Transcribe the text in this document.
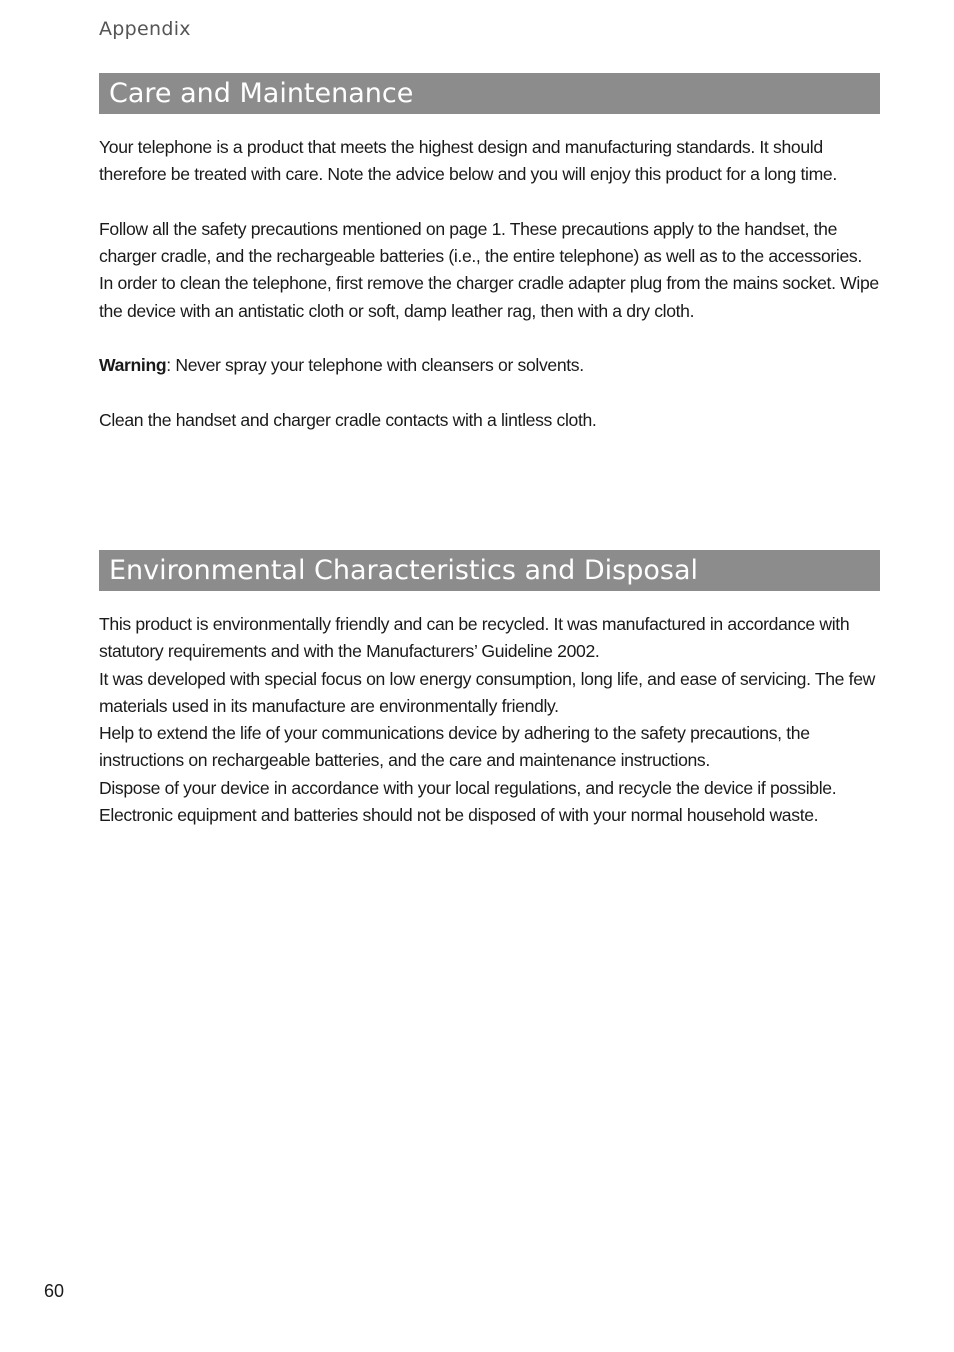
Appendix
Care and Maintenance

Your telephone is a product that meets the highest design and manufacturing standards. It should therefore be treated with care. Note the advice below and you will enjoy this product for a long time.

Follow all the safety precautions mentioned on page 1. These precautions apply to the handset, the charger cradle, and the rechargeable batteries (i.e., the entire telephone) as well as to the accessories.

In order to clean the telephone, first remove the charger cradle adapter plug from the mains socket. Wipe the device with an antistatic cloth or soft, damp leather rag, then with a dry cloth.

Warning: Never spray your telephone with cleansers or solvents.

Clean the handset and charger cradle contacts with a lintless cloth.

Environmental Characteristics and Disposal

This product is environmentally friendly and can be recycled. It was manufactured in accordance with statutory requirements and with the Manufacturers’ Guideline 2002.

It was developed with special focus on low energy consumption, long life, and ease of servicing. The few materials used in its manufacture are environmentally friendly.

Help to extend the life of your communications device by adhering to the safety precautions, the instructions on rechargeable batteries, and the care and maintenance instructions.

Dispose of your device in accordance with your local regulations, and recycle the device if possible. Electronic equipment and batteries should not be disposed of with your normal household waste.

60
